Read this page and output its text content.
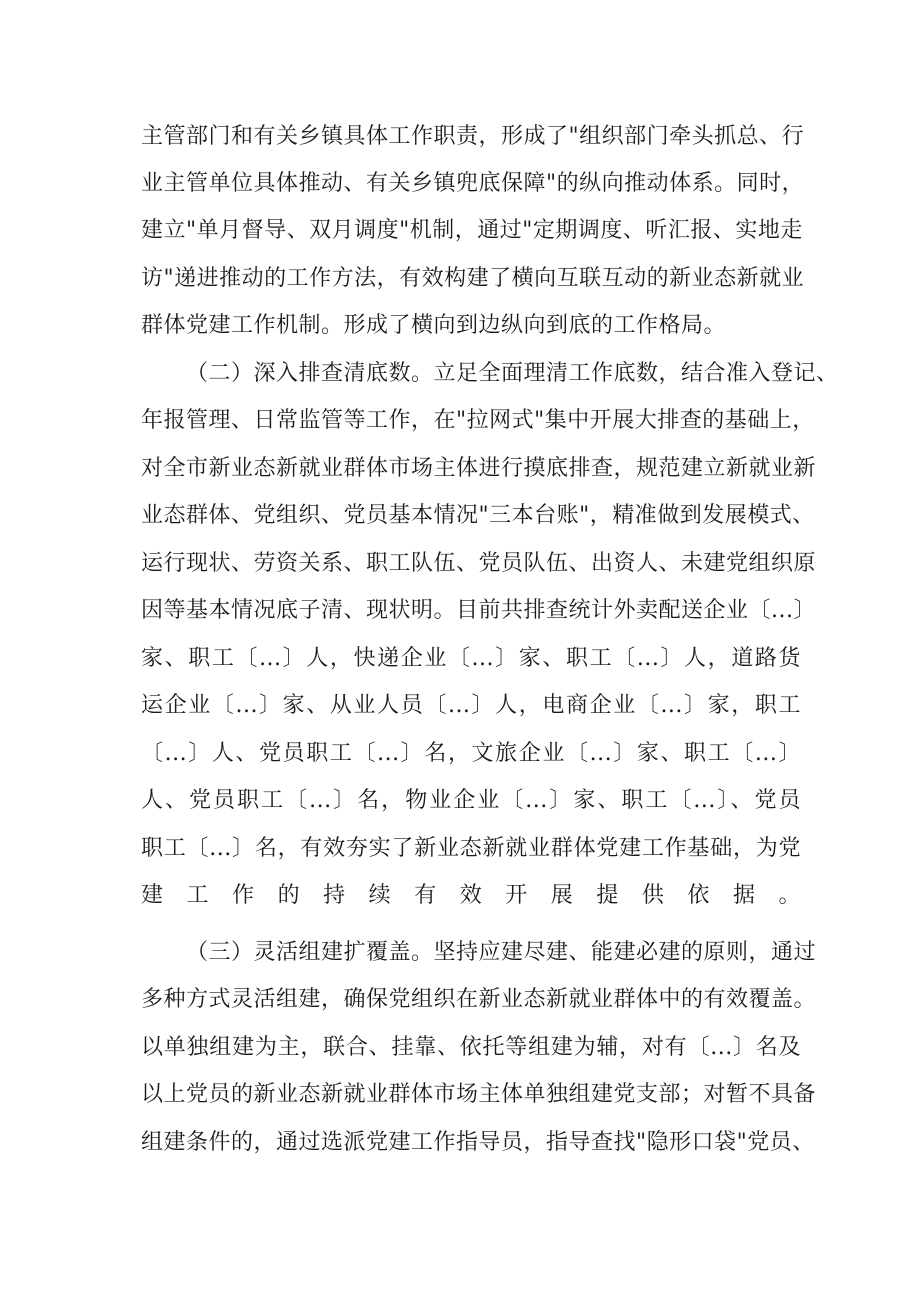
主管部门和有关乡镇具体工作职责，形成了"组织部门牵头抓总、行
业主管单位具体推动、有关乡镇兜底保障"的纵向推动体系。同时，
建立"单月督导、双月调度"机制，通过"定期调度、听汇报、实地走
访"递进推动的工作方法，有效构建了横向互联互动的新业态新就业
群体党建工作机制。形成了横向到边纵向到底的工作格局。
（二）深入排查清底数。立足全面理清工作底数，结合准入登记、
年报管理、日常监管等工作，在"拉网式"集中开展大排查的基础上，
对全市新业态新就业群体市场主体进行摸底排查，规范建立新就业新
业态群体、党组织、党员基本情况"三本台账"，精准做到发展模式、
运行现状、劳资关系、职工队伍、党员队伍、出资人、未建党组织原
因等基本情况底子清、现状明。目前共排查统计外卖配送企业〔...〕
家、职工〔...〕人，快递企业〔...〕家、职工〔...〕人，道路货
运企业〔...〕家、从业人员〔...〕人，电商企业〔...〕家，职工
〔...〕人、党员职工〔...〕名，文旅企业〔...〕家、职工〔...〕
人、党员职工〔...〕名，物业企业〔...〕家、职工〔...〕、党员
职工〔...〕名，有效夯实了新业态新就业群体党建工作基础，为党
建工作的持续有效开展提供依据。
（三）灵活组建扩覆盖。坚持应建尽建、能建必建的原则，通过
多种方式灵活组建，确保党组织在新业态新就业群体中的有效覆盖。
以单独组建为主，联合、挂靠、依托等组建为辅，对有〔...〕名及
以上党员的新业态新就业群体市场主体单独组建党支部；对暂不具备
组建条件的，通过选派党建工作指导员，指导查找"隐形口袋"党员、
